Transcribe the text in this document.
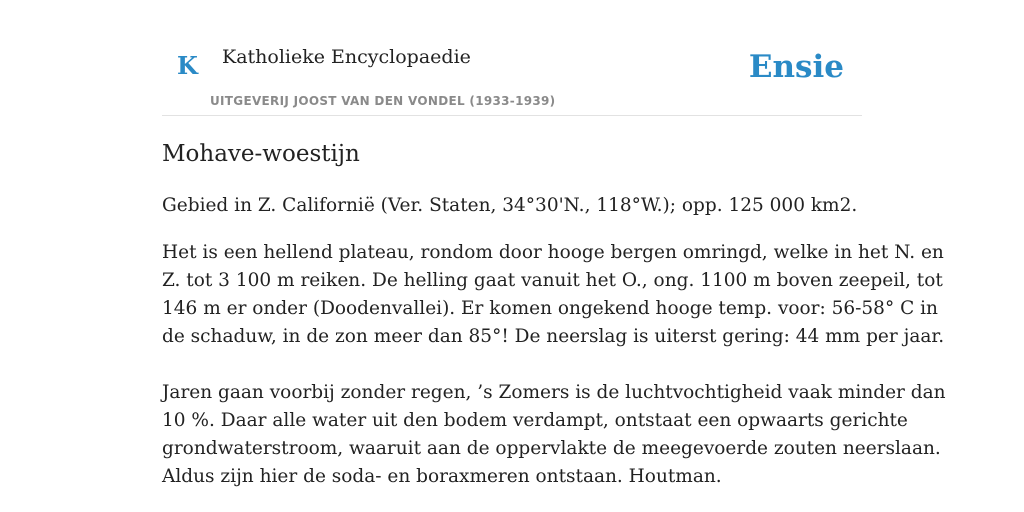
K Katholieke Encyclopaedie
UITGEVERIJ JOOST VAN DEN VONDEL (1933-1939)
Ensie
Mohave-woestijn

Gebied in Z. Californië (Ver. Staten, 34°30'N., 118°W.); opp. 125 000 km2.

Het is een hellend plateau, rondom door hooge bergen omringd, welke in het N. en

Z. tot 3 100 m reiken. De helling gaat vanuit het O., ong. 1100 m boven zeepeil, tot

146 m er onder (Doodenvallei). Er komen ongekend hooge temp. voor: 56-58° C in

de schaduw, in de zon meer dan 85°! De neerslag is uiterst gering: 44 mm per jaar.

Jaren gaan voorbij zonder regen, ’s Zomers is de luchtvochtigheid vaak minder dan

10 %. Daar alle water uit den bodem verdampt, ontstaat een opwaarts gerichte

grondwaterstroom, waaruit aan de oppervlakte de meegevoerde zouten neerslaan.

Aldus zijn hier de soda- en boraxmeren ontstaan. Houtman.
